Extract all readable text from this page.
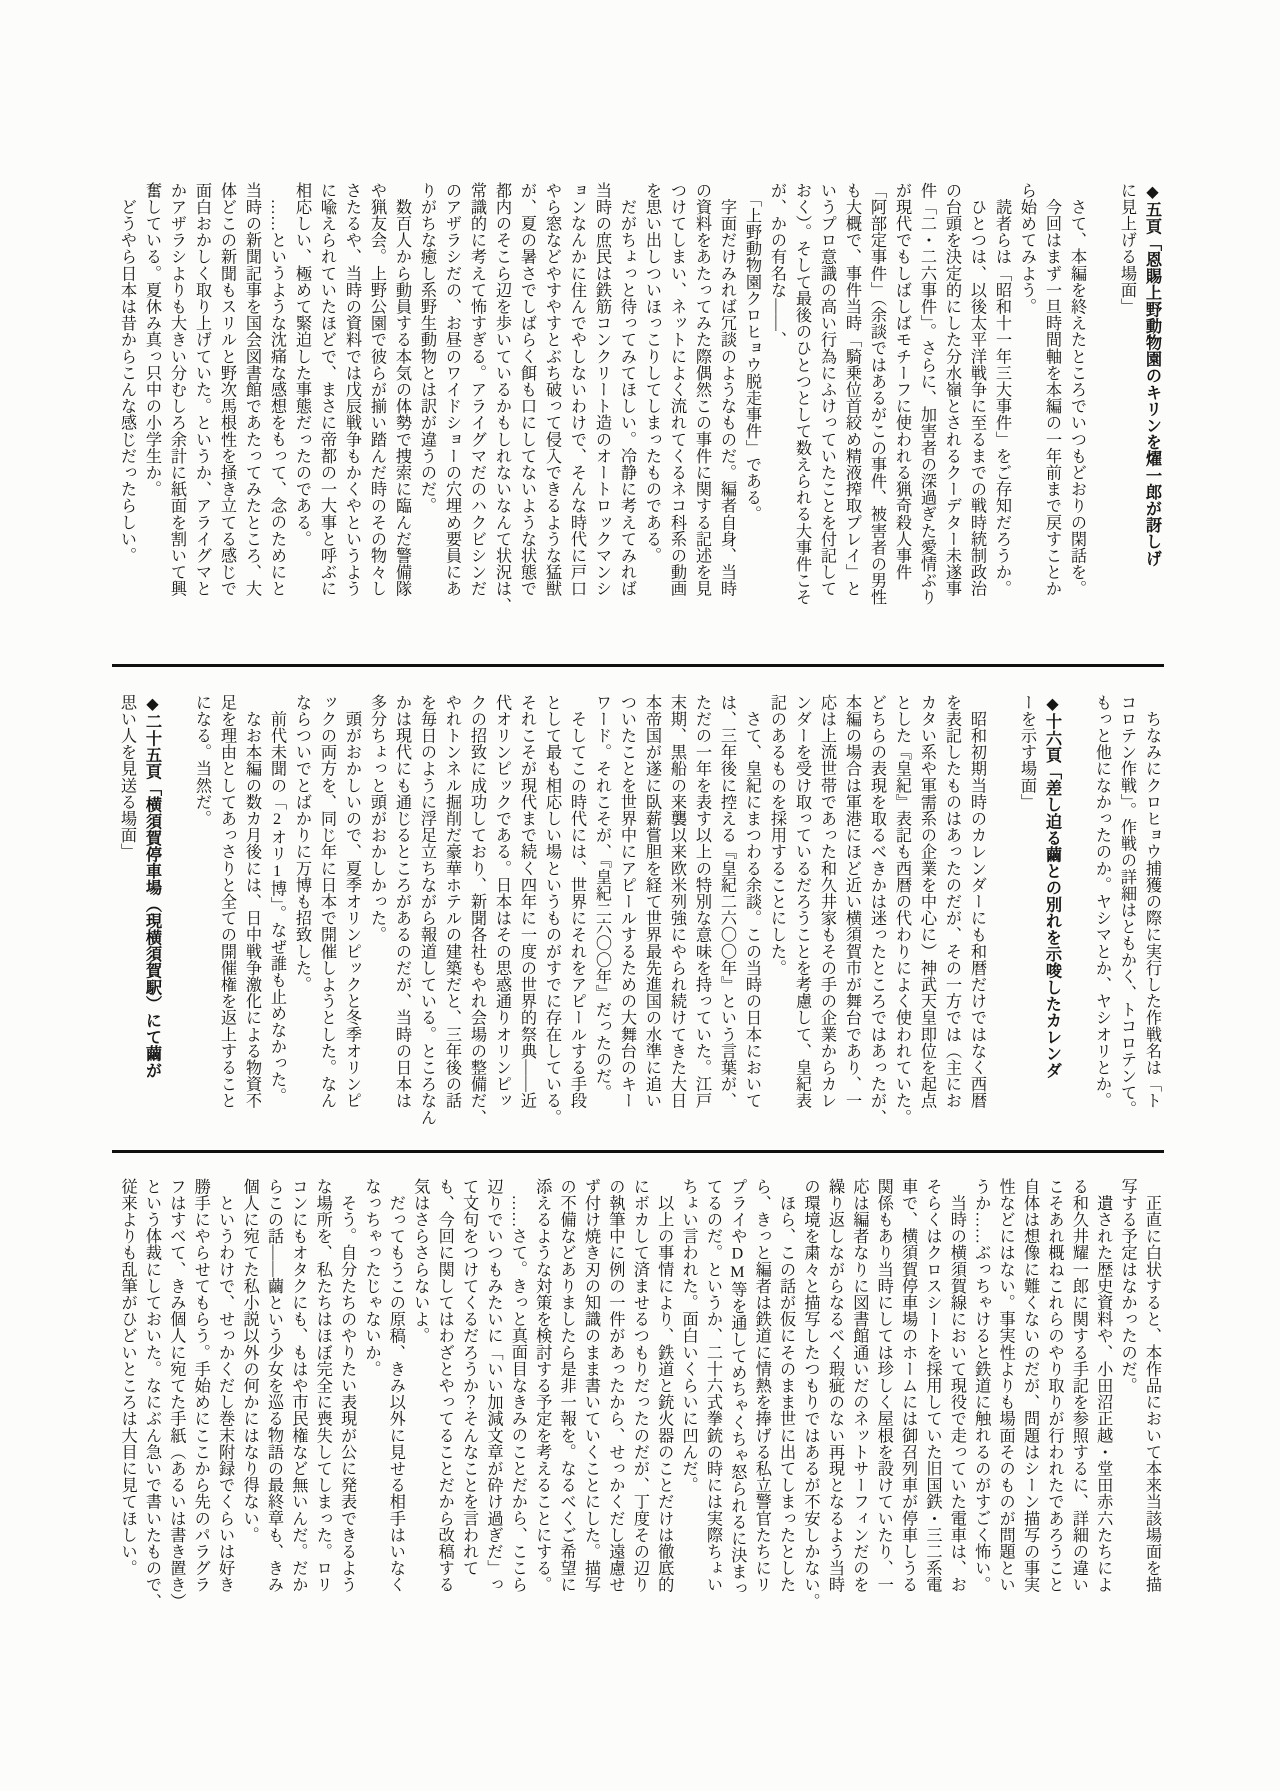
◆五頁「恩賜上野動物園のキリンを燿一郎が訝しげ
に見上げる場面」
　さて、本編を終えたところでいつもどおりの閑話を。
　今回はまず一旦時間軸を本編の一年前まで戻すことか
ら始めてみよう。
　読者らは「昭和十一年三大事件」をご存知だろうか。
　ひとつは、以後太平洋戦争に至るまでの戦時統制政治
の台頭を決定的にした分水嶺とされるクーデター未遂事
件「二・二六事件」。さらに、加害者の深過ぎた愛情ぶり
が現代でもしばしばモチーフに使われる猟奇殺人事件
「阿部定事件」（余談ではあるがこの事件、被害者の男性
も大概で、事件当時「騎乗位首絞め精液搾取プレイ」と
いうプロ意識の高い行為にふけっていたことを付記して
おく）。そして最後のひとつとして数えられる大事件こそ
が、かの有名な――、
　「上野動物園クロヒョウ脱走事件」である。
　字面だけみれば冗談のようなものだ。編者自身、当時
の資料をあたってみた際偶然この事件に関する記述を見
つけてしまい、ネットによく流れてくるネコ科系の動画
を思い出しついほっこりしてしまったものである。
　だがちょっと待ってみてほしい。冷静に考えてみれば
当時の庶民は鉄筋コンクリート造のオートロックマンシ
ョンなんかに住んでやしないわけで、そんな時代に戸口
やら窓などやすやすとぶち破って侵入できるような猛獣
が、夏の暑さでしばらく餌も口にしてないような状態で
都内のそこら辺を歩いているかもしれないなんて状況は、
常識的に考えて怖すぎる。アライグマだのハクビシンだ
のアザラシだの、お昼のワイドショーの穴埋め要員にあ
りがちな癒し系野生動物とは訳が違うのだ。
　数百人から動員する本気の体勢で捜索に臨んだ警備隊
や猟友会。上野公園で彼らが揃い踏んだ時のその物々し
さたるや、当時の資料では戊辰戦争もかくやというよう
に喩えられていたほどで、まさに帝都の一大事と呼ぶに
相応しい、極めて緊迫した事態だったのである。
　……というような沈痛な感想をもって、念のためにと
当時の新聞記事を国会図書館であたってみたところ、大
体どこの新聞もスリルと野次馬根性を掻き立てる感じで
面白おかしく取り上げていた。というか、アライグマと
かアザラシよりも大きい分むしろ余計に紙面を割いて興
奮している。夏休み真っ只中の小学生か。
　どうやら日本は昔からこんな感じだったらしい。
　ちなみにクロヒョウ捕獲の際に実行した作戦名は「ト
コロテン作戦」。作戦の詳細はともかく、トコロテンて。
もっと他になかったのか。ヤシマとか、ヤシオリとか。
◆十六頁「差し迫る繭との別れを示唆したカレンダ
ーを示す場面」
　昭和初期当時のカレンダーにも和暦だけではなく西暦
を表記したものはあったのだが、その一方では（主にお
カタい系や軍需系の企業を中心に）神武天皇即位を起点
とした『皇紀』表記も西暦の代わりによく使われていた。
どちらの表現を取るべきかは迷ったところではあったが、
本編の場合は軍港にほど近い横須賀市が舞台であり、一
応は上流世帯であった和久井家もその手の企業からカレ
ンダーを受け取っているだろうことを考慮して、皇紀表
記のあるものを採用することにした。
　さて、皇紀にまつわる余談。この当時の日本において
は、三年後に控える『皇紀二六〇〇年』という言葉が、
ただの一年を表す以上の特別な意味を持っていた。江戸
末期、黒船の来襲以来欧米列強にやられ続けてきた大日
本帝国が遂に臥薪嘗胆を経て世界最先進国の水準に追い
ついたことを世界中にアピールするための大舞台のキー
ワード。それこそが、『皇紀二六〇〇年』だったのだ。
　そしてこの時代には、世界にそれをアピールする手段
として最も相応しい場というものがすでに存在している。
それこそが現代まで続く四年に一度の世界的祭典――近
代オリンピックである。日本はその思惑通りオリンピッ
クの招致に成功しており、新聞各社もやれ会場の整備だ、
やれトンネル掘削だ豪華ホテルの建築だと、三年後の話
を毎日のように浮足立ちながら報道している。ところなん
かは現代にも通じるところがあるのだが、当時の日本は
多分ちょっと頭がおかしかった。
　頭がおかしいので、夏季オリンピックと冬季オリンピ
ックの両方を、同じ年に日本で開催しようとした。なん
ならついでとばかりに万博も招致した。
　前代未聞の「2オリ1博」。なぜ誰も止めなかった。
　なお本編の数カ月後には、日中戦争激化による物資不
足を理由としてあっさりと全ての開催権を返上すること
になる。当然だ。
◆二十五頁「横須賀停車場（現横須賀駅）にて繭が
思い人を見送る場面」
　正直に白状すると、本作品において本来当該場面を描
写する予定はなかったのだ。
　遺された歴史資料や、小田沼正越・堂田赤六たちによ
る和久井耀一郎に関する手記を参照するに、詳細の違い
こそあれ概ねこれらのやり取りが行われたであろうこと
自体は想像に難くないのだが、問題はシーン描写の事実
性などにはない。事実性よりも場面そのものが問題とい
うか……ぶっちゃけると鉄道に触れるのがすごく怖い。
　当時の横須賀線において現役で走っていた電車は、お
そらくはクロスシートを採用していた旧国鉄・三二系電
車で、横須賀停車場のホームには御召列車が停車しうる
関係もあり当時にしては珍しく屋根を設けていたり、一
応は編者なりに図書館通いだのネットサーフィンだのを
繰り返しながらなるべく瑕疵のない再現となるよう当時
の環境を粛々と描写したつもりではあるが不安しかない。
　ほら、この話が仮にそのまま世に出てしまったとした
ら、きっと編者は鉄道に情熱を捧げる私立警官たちにリ
プライやDM等を通してめちゃくちゃ怒られるに決まっ
てるのだ。というか、二十六式拳銃の時には実際ちょい
ちょい言われた。面白いくらいに凹んだ。
　以上の事情により、鉄道と銃火器のことだけは徹底的
にボカして済ませるつもりだったのだが、丁度その辺り
の執筆中に例の一件があったから、せっかくだし遠慮せ
ず付け焼き刃の知識のまま書いていくことにした。描写
の不備などありましたら是非一報を。なるべくご希望に
添えるような対策を検討する予定を考えることにする。
　……さて。きっと真面目なきみのことだから、ここら
辺りでいつもみたいに「いい加減文章が砕け過ぎだ」っ
て文句をつけてくるだろうか？そんなことを言われて
も、今回に関してはわざとやってることだから改稿する
気はさらさらないよ。
　だってもうこの原稿、きみ以外に見せる相手はいなく
なっちゃったじゃないか。
　そう。自分たちのやりたい表現が公に発表できるよう
な場所を、私たちはほぼ完全に喪失してしまった。ロリ
コンにもオタクにも、もはや市民権など無いんだ。だか
らこの話――繭という少女を巡る物語の最終章も、きみ
個人に宛てた私小説以外の何かにはなり得ない。
　というわけで、せっかくだし巻末附録でくらいは好き
勝手にやらせてもらう。手始めにここから先のパラグラ
フはすべて、きみ個人に宛てた手紙（あるいは書き置き）
という体裁にしておいた。なにぶん急いで書いたもので、
従来よりも乱筆がひどいところは大目に見てほしい。
